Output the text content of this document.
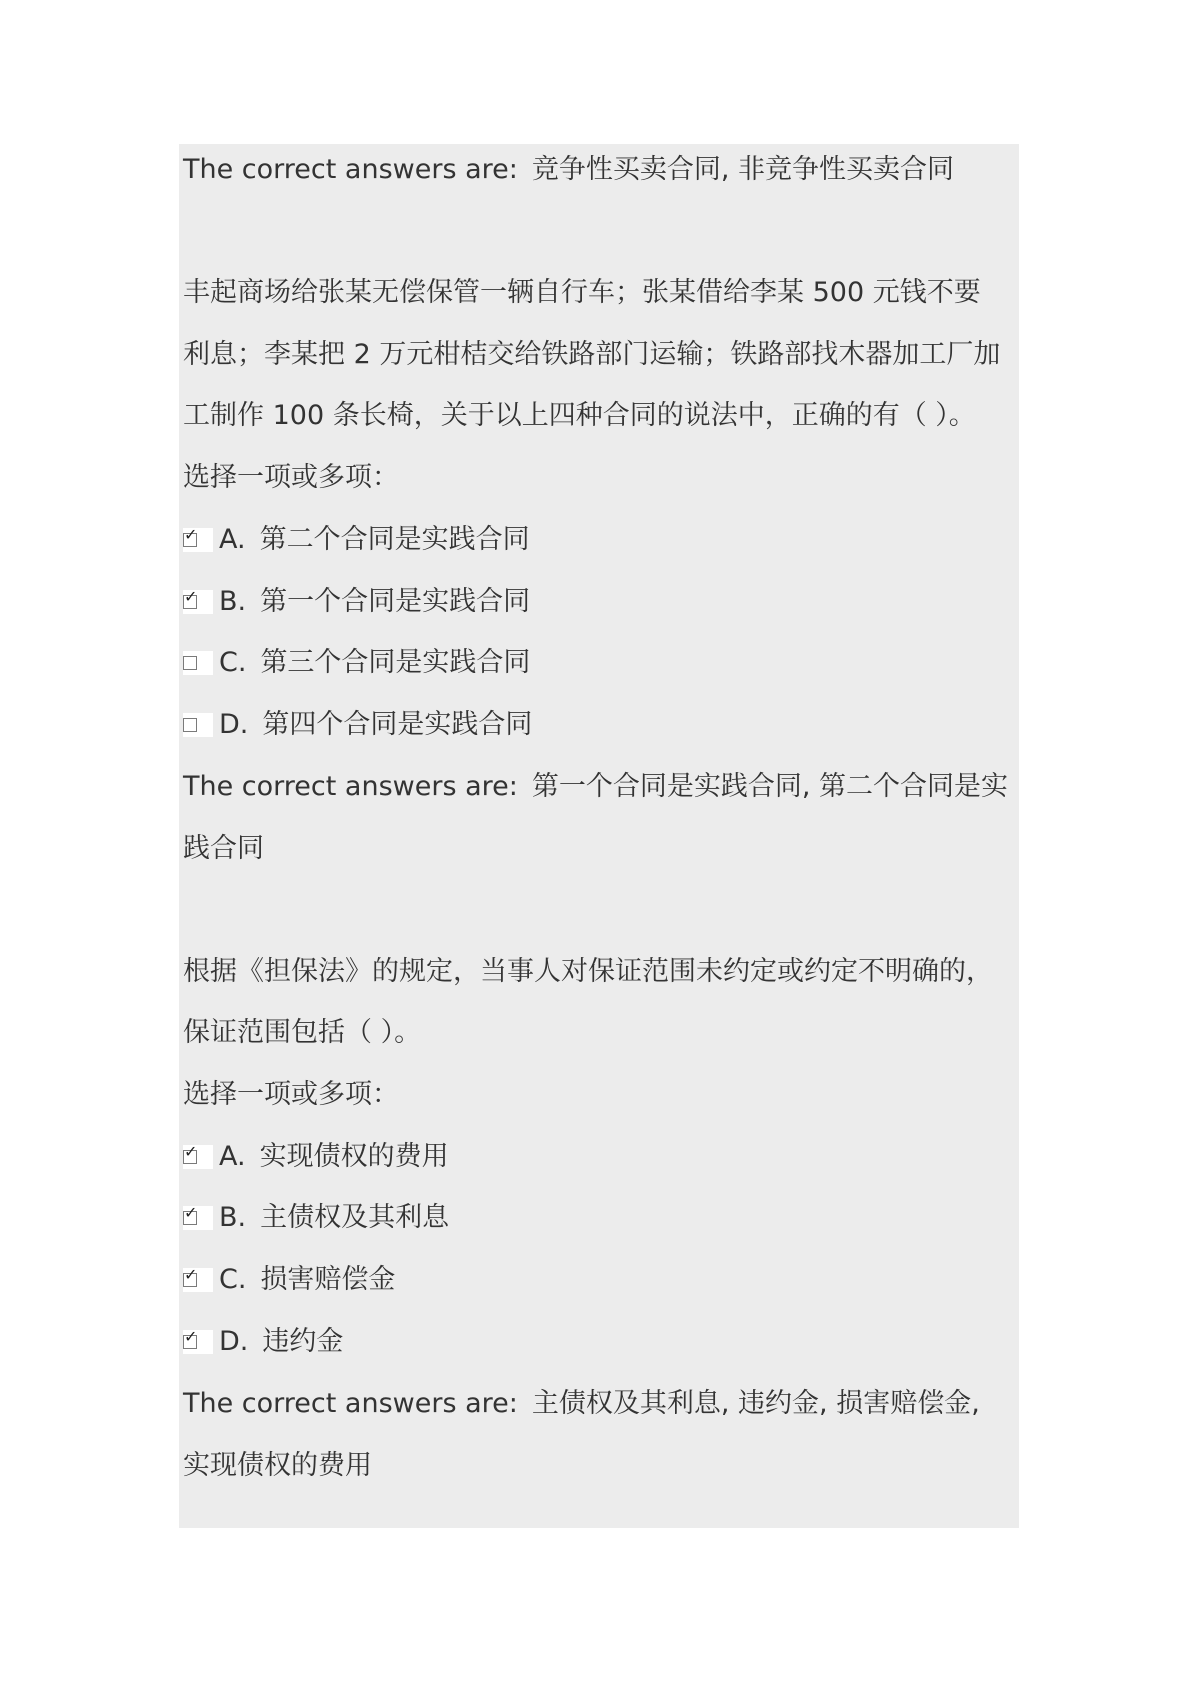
The correct answers are: 竞争性买卖合同, 非竞争性买卖合同
丰起商场给张某无偿保管一辆自行车；张某借给李某 500 元钱不要
利息；李某把 2 万元柑桔交给铁路部门运输；铁路部找木器加工厂加
工制作 100 条长椅，关于以上四种合同的说法中，正确的有（ ）。
选择一项或多项：
✓ A. 第二个合同是实践合同
✓ B. 第一个合同是实践合同
C. 第三个合同是实践合同
D. 第四个合同是实践合同
The correct answers are: 第一个合同是实践合同, 第二个合同是实
践合同
根据《担保法》的规定，当事人对保证范围未约定或约定不明确的，
保证范围包括（ ）。
选择一项或多项：
✓ A. 实现债权的费用
✓ B. 主债权及其利息
✓ C. 损害赔偿金
✓ D. 违约金
The correct answers are: 主债权及其利息, 违约金, 损害赔偿金,
实现债权的费用
